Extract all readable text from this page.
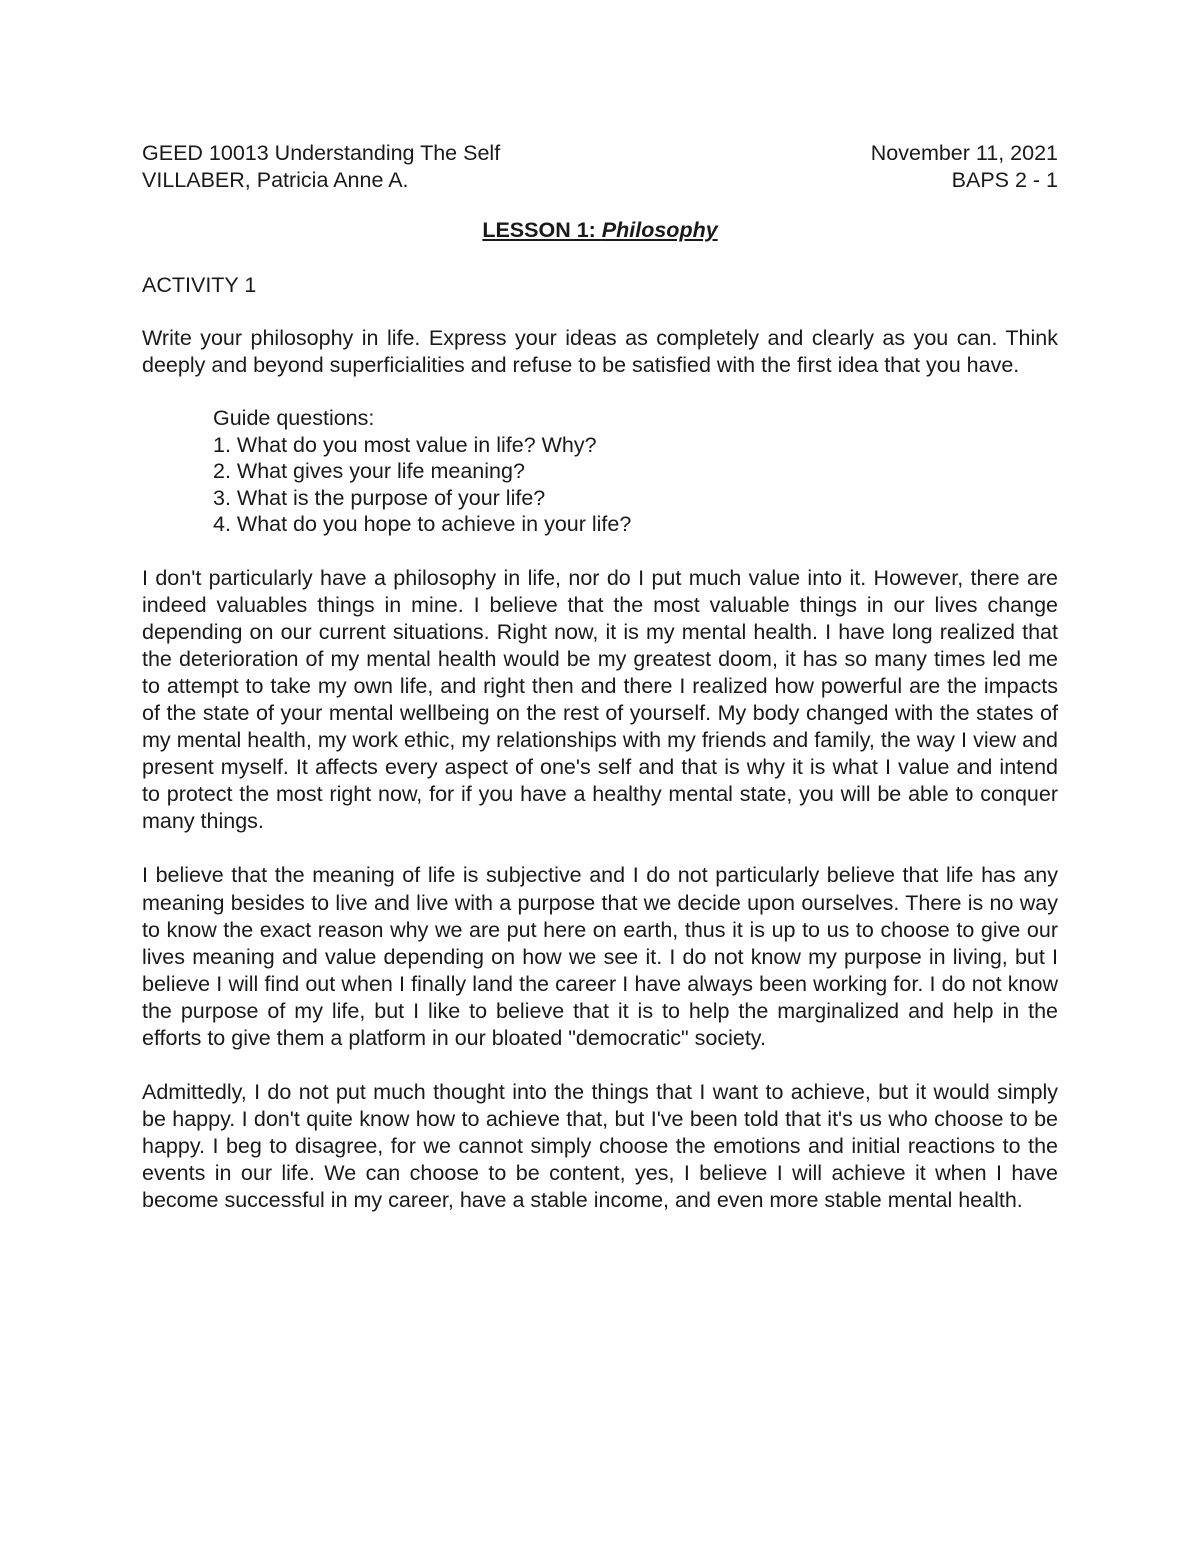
GEED 10013 Understanding The Self	November 11, 2021
VILLABER, Patricia Anne A.	BAPS 2 - 1
LESSON 1: Philosophy
ACTIVITY 1
Write your philosophy in life. Express your ideas as completely and clearly as you can. Think deeply and beyond superficialities and refuse to be satisfied with the first idea that you have.
Guide questions:
1. What do you most value in life? Why?
2. What gives your life meaning?
3. What is the purpose of your life?
4. What do you hope to achieve in your life?
I don't particularly have a philosophy in life, nor do I put much value into it. However, there are indeed valuables things in mine. I believe that the most valuable things in our lives change depending on our current situations. Right now, it is my mental health. I have long realized that the deterioration of my mental health would be my greatest doom, it has so many times led me to attempt to take my own life, and right then and there I realized how powerful are the impacts of the state of your mental wellbeing on the rest of yourself. My body changed with the states of my mental health, my work ethic, my relationships with my friends and family, the way I view and present myself. It affects every aspect of one's self and that is why it is what I value and intend to protect the most right now, for if you have a healthy mental state, you will be able to conquer many things.
I believe that the meaning of life is subjective and I do not particularly believe that life has any meaning besides to live and live with a purpose that we decide upon ourselves. There is no way to know the exact reason why we are put here on earth, thus it is up to us to choose to give our lives meaning and value depending on how we see it. I do not know my purpose in living, but I believe I will find out when I finally land the career I have always been working for. I do not know the purpose of my life, but I like to believe that it is to help the marginalized and help in the efforts to give them a platform in our bloated "democratic" society.
Admittedly, I do not put much thought into the things that I want to achieve, but it would simply be happy. I don't quite know how to achieve that, but I've been told that it's us who choose to be happy. I beg to disagree, for we cannot simply choose the emotions and initial reactions to the events in our life. We can choose to be content, yes, I believe I will achieve it when I have become successful in my career, have a stable income, and even more stable mental health.
